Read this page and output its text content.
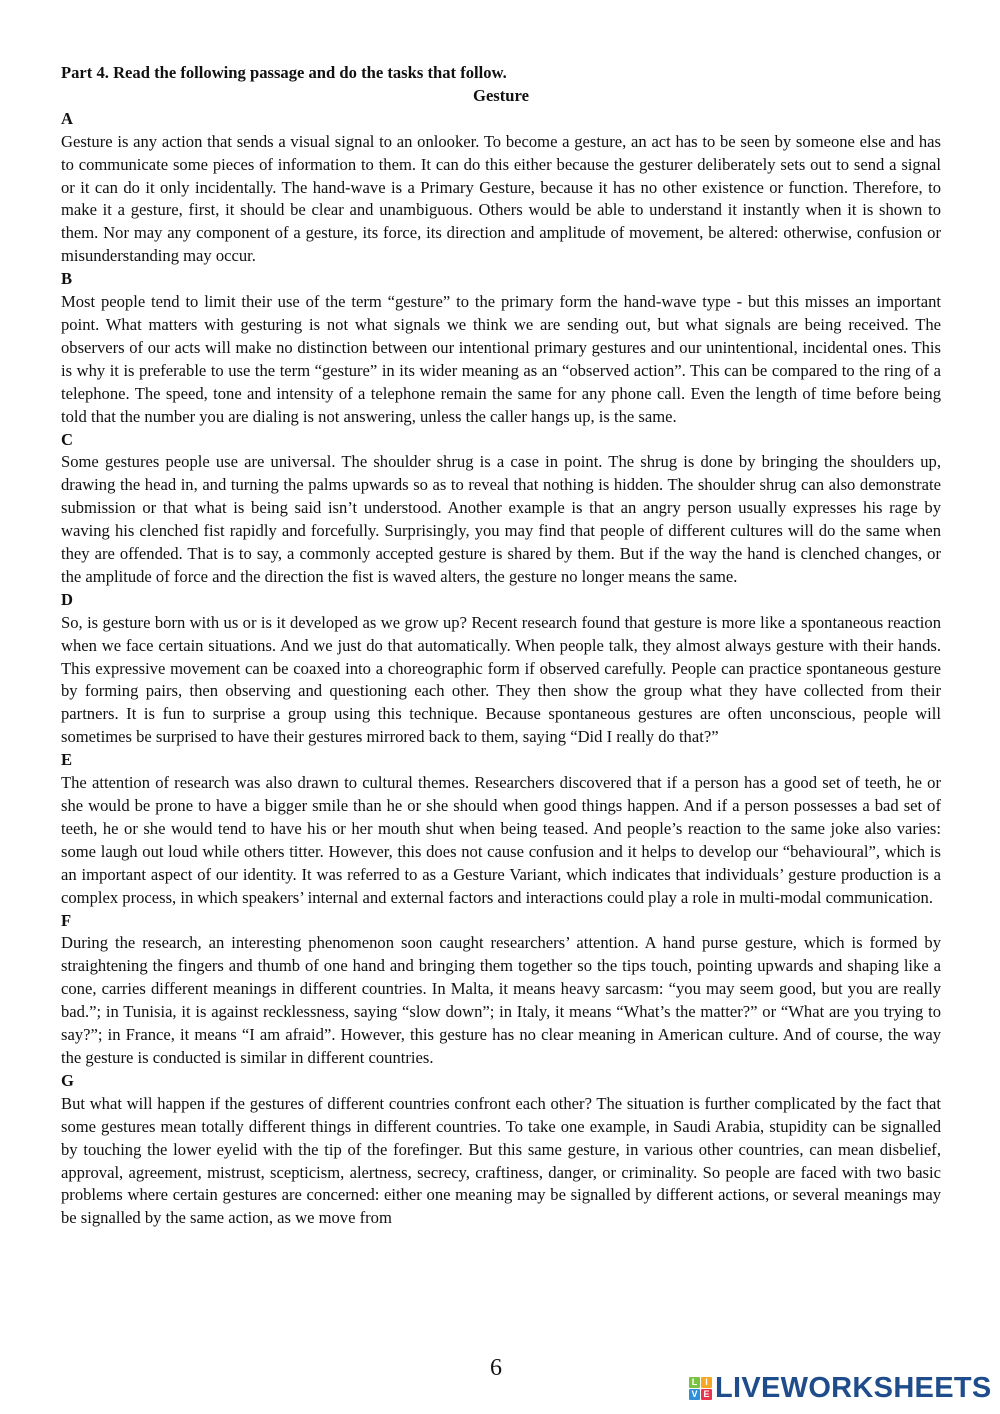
Part 4. Read the following passage and do the tasks that follow.

Gesture

A

Gesture is any action that sends a visual signal to an onlooker. To become a gesture, an act has to be seen by someone else and has to communicate some pieces of information to them. It can do this either because the gesturer deliberately sets out to send a signal or it can do it only incidentally. The hand-wave is a Primary Gesture, because it has no other existence or function. Therefore, to make it a gesture, first, it should be clear and unambiguous. Others would be able to understand it instantly when it is shown to them. Nor may any component of a gesture, its force, its direction and amplitude of movement, be altered: otherwise, confusion or misunderstanding may occur.

B

Most people tend to limit their use of the term “gesture” to the primary form the hand-wave type - but this misses an important point. What matters with gesturing is not what signals we think we are sending out, but what signals are being received. The observers of our acts will make no distinction between our intentional primary gestures and our unintentional, incidental ones. This is why it is preferable to use the term “gesture” in its wider meaning as an “observed action”. This can be compared to the ring of a telephone. The speed, tone and intensity of a telephone remain the same for any phone call. Even the length of time before being told that the number you are dialing is not answering, unless the caller hangs up, is the same.

C

Some gestures people use are universal. The shoulder shrug is a case in point. The shrug is done by bringing the shoulders up, drawing the head in, and turning the palms upwards so as to reveal that nothing is hidden. The shoulder shrug can also demonstrate submission or that what is being said isn’t understood. Another example is that an angry person usually expresses his rage by waving his clenched fist rapidly and forcefully. Surprisingly, you may find that people of different cultures will do the same when they are offended. That is to say, a commonly accepted gesture is shared by them. But if the way the hand is clenched changes, or the amplitude of force and the direction the fist is waved alters, the gesture no longer means the same.

D

So, is gesture born with us or is it developed as we grow up? Recent research found that gesture is more like a spontaneous reaction when we face certain situations. And we just do that automatically. When people talk, they almost always gesture with their hands. This expressive movement can be coaxed into a choreographic form if observed carefully. People can practice spontaneous gesture by forming pairs, then observing and questioning each other. They then show the group what they have collected from their partners. It is fun to surprise a group using this technique. Because spontaneous gestures are often unconscious, people will sometimes be surprised to have their gestures mirrored back to them, saying “Did I really do that?”

E

The attention of research was also drawn to cultural themes. Researchers discovered that if a person has a good set of teeth, he or she would be prone to have a bigger smile than he or she should when good things happen. And if a person possesses a bad set of teeth, he or she would tend to have his or her mouth shut when being teased. And people’s reaction to the same joke also varies: some laugh out loud while others titter. However, this does not cause confusion and it helps to develop our “behavioural”, which is an important aspect of our identity. It was referred to as a Gesture Variant, which indicates that individuals’ gesture production is a complex process, in which speakers’ internal and external factors and interactions could play a role in multi-modal communication.

F

During the research, an interesting phenomenon soon caught researchers’ attention. A hand purse gesture, which is formed by straightening the fingers and thumb of one hand and bringing them together so the tips touch, pointing upwards and shaping like a cone, carries different meanings in different countries. In Malta, it means heavy sarcasm: “you may seem good, but you are really bad.”; in Tunisia, it is against recklessness, saying “slow down”; in Italy, it means “What’s the matter?” or “What are you trying to say?”; in France, it means “I am afraid”. However, this gesture has no clear meaning in American culture. And of course, the way the gesture is conducted is similar in different countries.

G

But what will happen if the gestures of different countries confront each other? The situation is further complicated by the fact that some gestures mean totally different things in different countries. To take one example, in Saudi Arabia, stupidity can be signalled by touching the lower eyelid with the tip of the forefinger. But this same gesture, in various other countries, can mean disbelief, approval, agreement, mistrust, scepticism, alertness, secrecy, craftiness, danger, or criminality. So people are faced with two basic problems where certain gestures are concerned: either one meaning may be signalled by different actions, or several meanings may be signalled by the same action, as we move from

6
L I
V E LIVEWORKSHEETS
